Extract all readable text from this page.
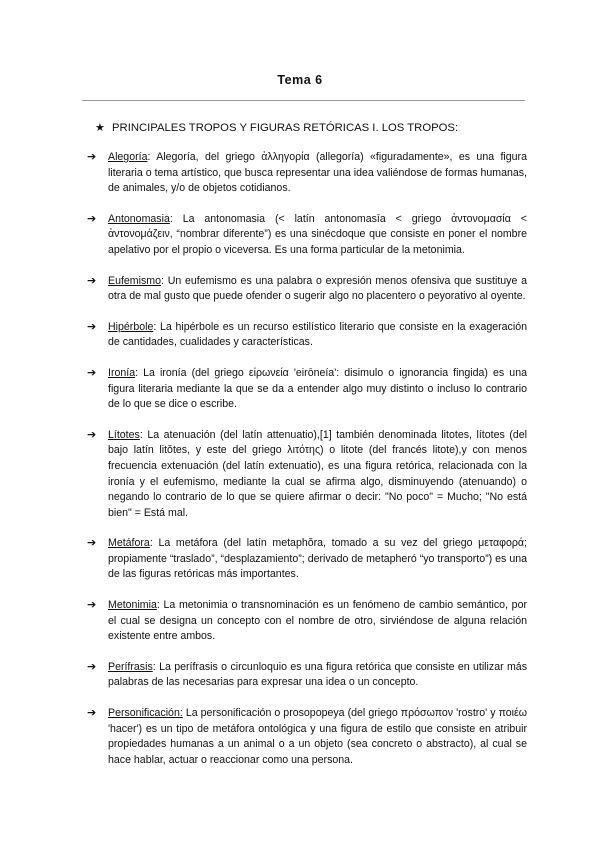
Tema 6
★ PRINCIPALES TROPOS Y FIGURAS RETÓRICAS I. LOS TROPOS:
➔ Alegoría: Alegoría, del griego ἀλληγορία (allegoría) «figuradamente», es una figura literaria o tema artístico, que busca representar una idea valiéndose de formas humanas, de animales, y/o de objetos cotidianos.
➔ Antonomasia: La antonomasia (< latín antonomasīa < griego ἀντονομασία < ἀντονομάζειν, “nombrar diferente”) es una sinécdoque que consiste en poner el nombre apelativo por el propio o viceversa. Es una forma particular de la metonimia.
➔ Eufemismo: Un eufemismo es una palabra o expresión menos ofensiva que sustituye a otra de mal gusto que puede ofender o sugerir algo no placentero o peyorativo al oyente.
➔ Hipérbole: La hipérbole es un recurso estilístico literario que consiste en la exageración de cantidades, cualidades y características.
➔ Ironía: La ironía (del griego εἰρωνεία 'eirōneía': disimulo o ignorancia fingida) es una figura literaria mediante la que se da a entender algo muy distinto o incluso lo contrario de lo que se dice o escribe.
➔ Lítotes: La atenuación (del latín attenuatio),[1] también denominada litotes, lítotes (del bajo latín litŏtes, y este del griego λιτότης) o litote (del francés litote),y con menos frecuencia extenuación (del latín extenuatio), es una figura retórica, relacionada con la ironía y el eufemismo, mediante la cual se afirma algo, disminuyendo (atenuando) o negando lo contrario de lo que se quiere afirmar o decir: "No poco" = Mucho; "No está bien" = Está mal.
➔ Metáfora: La metáfora (del latín metaphŏra, tomado a su vez del griego μεταφορά; propiamente “traslado”, “desplazamiento”; derivado de metapheró “yo transporto”) es una de las figuras retóricas más importantes.
➔ Metonimia: La metonimia o transnominación es un fenómeno de cambio semántico, por el cual se designa un concepto con el nombre de otro, sirviéndose de alguna relación existente entre ambos.
➔ Perífrasis: La perífrasis o circunloquio es una figura retórica que consiste en utilizar más palabras de las necesarias para expresar una idea o un concepto.
➔ Personificación: La personificación o prosopopeya (del griego πρόσωπον 'rostro' y ποιέω 'hacer') es un tipo de metáfora ontológica y una figura de estilo que consiste en atribuir propiedades humanas a un animal o a un objeto (sea concreto o abstracto), al cual se hace hablar, actuar o reaccionar como una persona.
